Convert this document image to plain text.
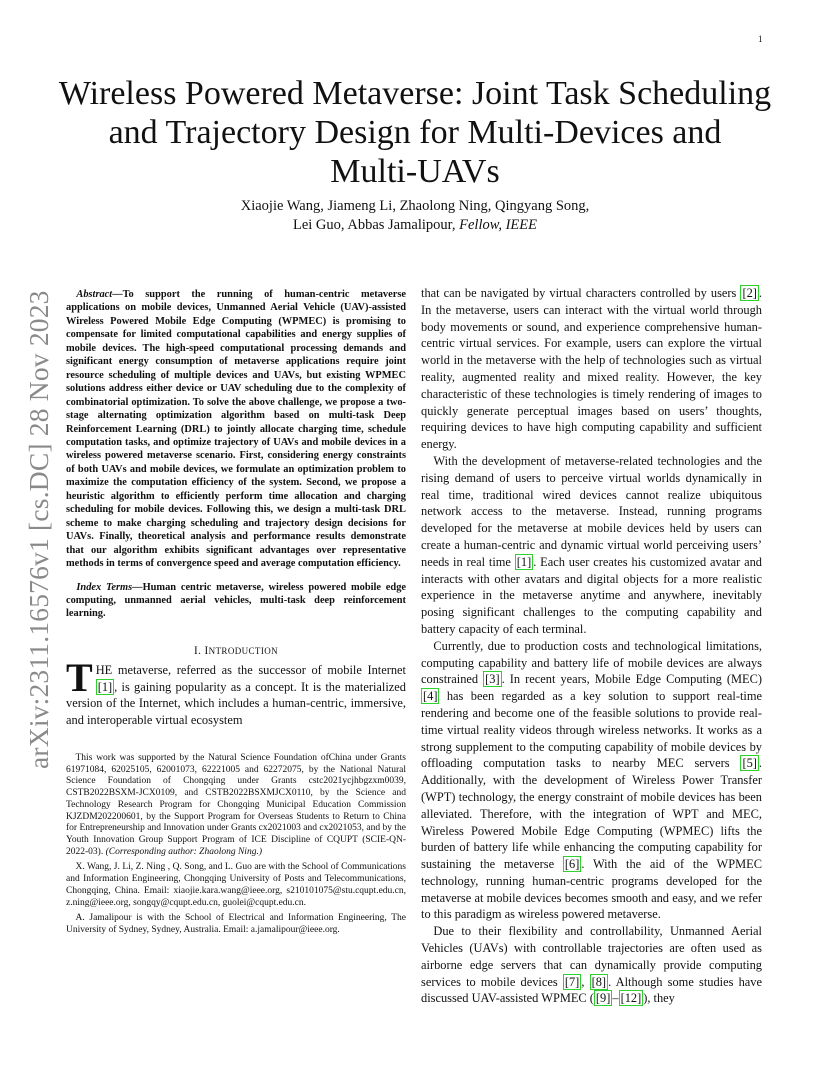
1
arXiv:2311.16576v1 [cs.DC] 28 Nov 2023
Wireless Powered Metaverse: Joint Task Scheduling
and Trajectory Design for Multi-Devices and
Multi-UAVs
Xiaojie Wang, Jiameng Li, Zhaolong Ning, Qingyang Song,
Lei Guo, Abbas Jamalipour, Fellow, IEEE

Abstract—To support the running of human-centric metaverse applications on mobile devices, Unmanned Aerial Vehicle (UAV)-assisted Wireless Powered Mobile Edge Computing (WPMEC) is promising to compensate for limited computational capabilities and energy supplies of mobile devices. The high-speed computational processing demands and significant energy consumption of metaverse applications require joint resource scheduling of multiple devices and UAVs, but existing WPMEC solutions address either device or UAV scheduling due to the complexity of combinatorial optimization. To solve the above challenge, we propose a two-stage alternating optimization algorithm based on multi-task Deep Reinforcement Learning (DRL) to jointly allocate charging time, schedule computation tasks, and optimize trajectory of UAVs and mobile devices in a wireless powered metaverse scenario. First, considering energy constraints of both UAVs and mobile devices, we formulate an optimization problem to maximize the computation efficiency of the system. Second, we propose a heuristic algorithm to efficiently perform time allocation and charging scheduling for mobile devices. Following this, we design a multi-task DRL scheme to make charging scheduling and trajectory design decisions for UAVs. Finally, theoretical analysis and performance results demonstrate that our algorithm exhibits significant advantages over representative methods in terms of convergence speed and average computation efficiency.

Index Terms—Human centric metaverse, wireless powered mobile edge computing, unmanned aerial vehicles, multi-task deep reinforcement learning.

I. INTRODUCTION

THE metaverse, referred as the successor of mobile Internet [1] , is gaining popularity as a concept. It is the materialized version of the Internet, which includes a human-centric, immersive, and interoperable virtual ecosystem

This work was supported by the Natural Science Foundation ofChina under Grants 61971084, 62025105, 62001073, 62221005 and 62272075, by the National Natural Science Foundation of Chongqing under Grants cstc2021ycjhbgzxm0039, CSTB2022BSXM-JCX0109, and CSTB2022BSXMJCX0110, by the Science and Technology Research Program for Chongqing Municipal Education Commission KJZDM202200601, by the Support Program for Overseas Students to Return to China for Entrepreneurship and Innovation under Grants cx2021003 and cx2021053, and by the Youth Innovation Group Support Program of ICE Discipline of CQUPT (SCIE-QN-2022-03). (Corresponding author: Zhaolong Ning.)

X. Wang, J. Li, Z. Ning , Q. Song, and L. Guo are with the School of Communications and Information Engineering, Chongqing University of Posts and Telecommunications, Chongqing, China. Email: xiaojie.kara.wang@ieee.org, s210101075@stu.cqupt.edu.cn, z.ning@ieee.org, songqy@cqupt.edu.cn, guolei@cqupt.edu.cn.

A. Jamalipour is with the School of Electrical and Information Engineering, The University of Sydney, Sydney, Australia. Email: a.jamalipour@ieee.org.

that can be navigated by virtual characters controlled by users [2] . In the metaverse, users can interact with the virtual world through body movements or sound, and experience comprehensive human-centric virtual services. For example, users can explore the virtual world in the metaverse with the help of technologies such as virtual reality, augmented reality and mixed reality. However, the key characteristic of these technologies is timely rendering of images to quickly generate perceptual images based on users’ thoughts, requiring devices to have high computing capability and sufficient energy.

With the development of metaverse-related technologies and the rising demand of users to perceive virtual worlds dynamically in real time, traditional wired devices cannot realize ubiquitous network access to the metaverse. Instead, running programs developed for the metaverse at mobile devices held by users can create a human-centric and dynamic virtual world perceiving users’ needs in real time [1] . Each user creates his customized avatar and interacts with other avatars and digital objects for a more realistic experience in the metaverse anytime and anywhere, inevitably posing significant challenges to the computing capability and battery capacity of each terminal.

Currently, due to production costs and technological limitations, computing capability and battery life of mobile devices are always constrained [3] . In recent years, Mobile Edge Computing (MEC) [4] has been regarded as a key solution to support real-time rendering and become one of the feasible solutions to provide real-time virtual reality videos through wireless networks. It works as a strong supplement to the computing capability of mobile devices by offloading computation tasks to nearby MEC servers [5] . Additionally, with the development of Wireless Power Transfer (WPT) technology, the energy constraint of mobile devices has been alleviated. Therefore, with the integration of WPT and MEC, Wireless Powered Mobile Edge Computing (WPMEC) lifts the burden of battery life while enhancing the computing capability for sustaining the metaverse [6] . With the aid of the WPMEC technology, running human-centric programs developed for the metaverse at mobile devices becomes smooth and easy, and we refer to this paradigm as wireless powered metaverse.

Due to their flexibility and controllability, Unmanned Aerial Vehicles (UAVs) with controllable trajectories are often used as airborne edge servers that can dynamically provide computing services to mobile devices [7] , [8] . Although some studies have discussed UAV-assisted WPMEC ( [9] – [12] ), they
